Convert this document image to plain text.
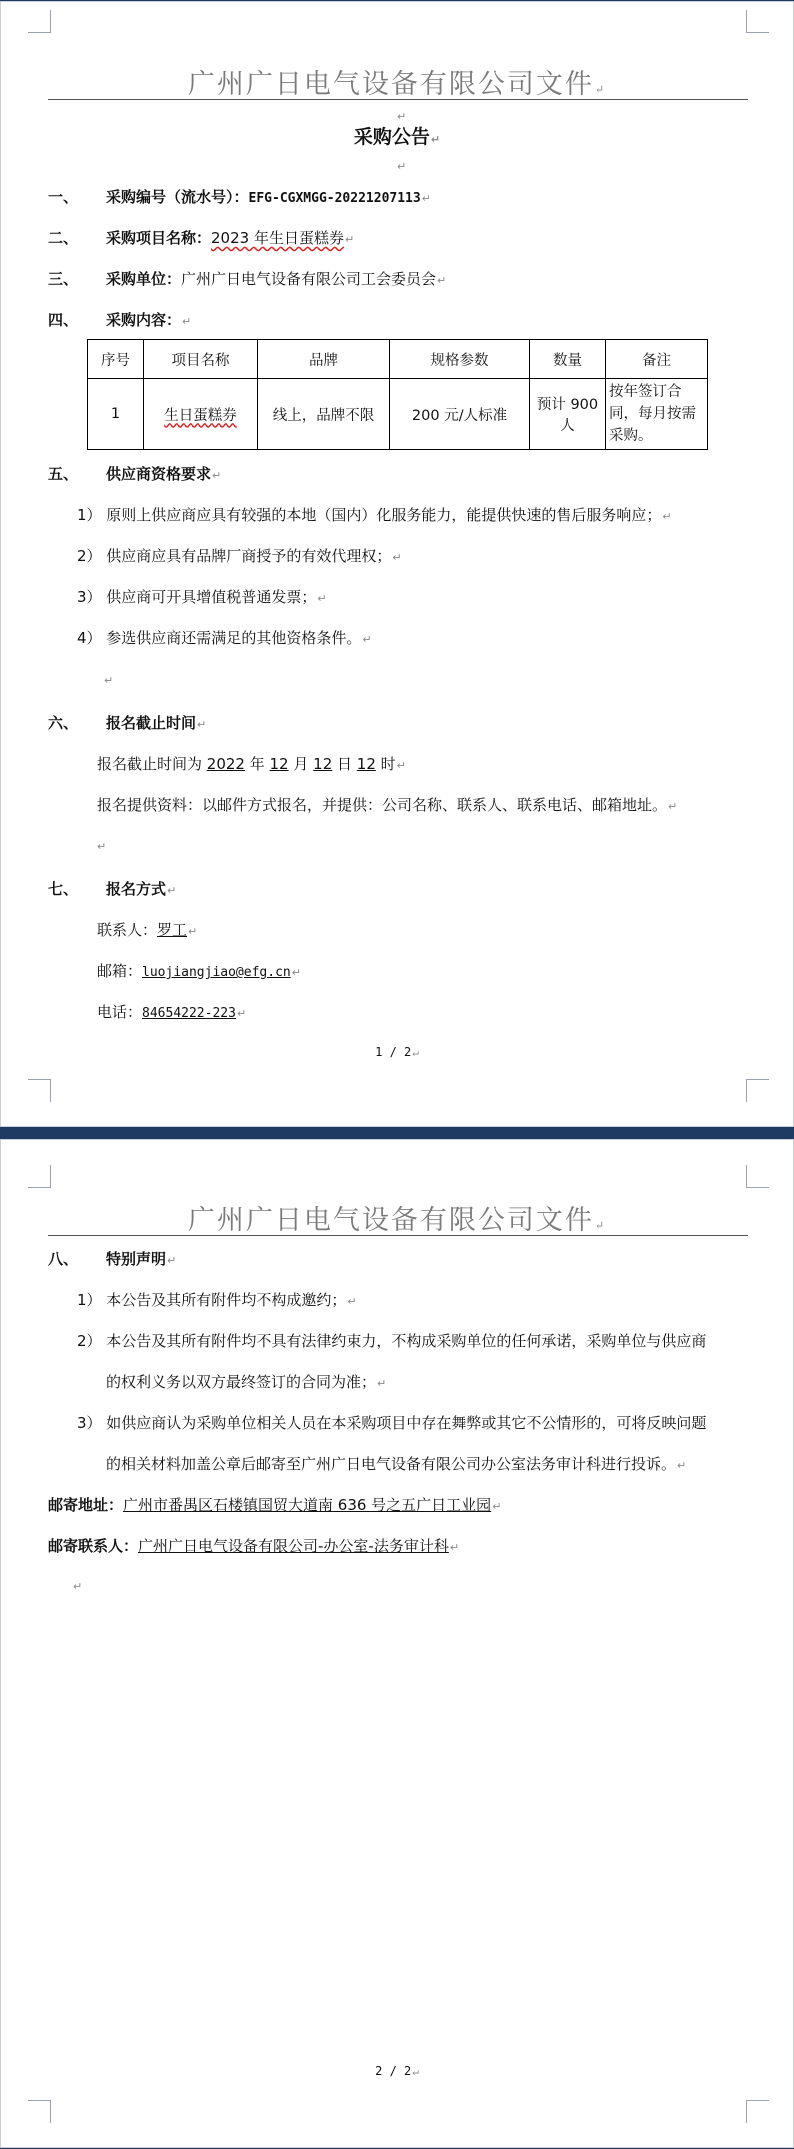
广州广日电气设备有限公司文件↵
↵
采购公告↵
↵
一、 采购编号（流水号）：EFG-CGXMGG-20221207113↵
二、 采购项目名称：2023 年生日蛋糕券↵
三、 采购单位：广州广日电气设备有限公司工会委员会↵
四、 采购内容：↵
序号	项目名称	品牌	规格参数	数量	备注
1	生日蛋糕券	线上，品牌不限	200 元/人标准	预计 900 人	按年签订合同，每月按需采购。
五、 供应商资格要求↵
1） 原则上供应商应具有较强的本地（国内）化服务能力，能提供快速的售后服务响应；↵
2） 供应商应具有品牌厂商授予的有效代理权；↵
3） 供应商可开具增值税普通发票；↵
4） 参选供应商还需满足的其他资格条件。↵
↵
六、 报名截止时间↵
报名截止时间为 2022 年 12 月 12 日 12 时↵
报名提供资料：以邮件方式报名，并提供：公司名称、联系人、联系电话、邮箱地址。↵
↵
七、 报名方式↵
联系人：罗工↵
邮箱：luojiangjiao@efg.cn↵
电话：84654222-223↵
1 / 2↵
广州广日电气设备有限公司文件↵
八、 特别声明↵
1） 本公告及其所有附件均不构成邀约；↵
2） 本公告及其所有附件均不具有法律约束力，不构成采购单位的任何承诺，采购单位与供应商
的权利义务以双方最终签订的合同为准；↵
3） 如供应商认为采购单位相关人员在本采购项目中存在舞弊或其它不公情形的，可将反映问题
的相关材料加盖公章后邮寄至广州广日电气设备有限公司办公室法务审计科进行投诉。↵
邮寄地址：广州市番禺区石楼镇国贸大道南 636 号之五广日工业园↵
邮寄联系人：广州广日电气设备有限公司-办公室-法务审计科↵
↵
2 / 2↵
